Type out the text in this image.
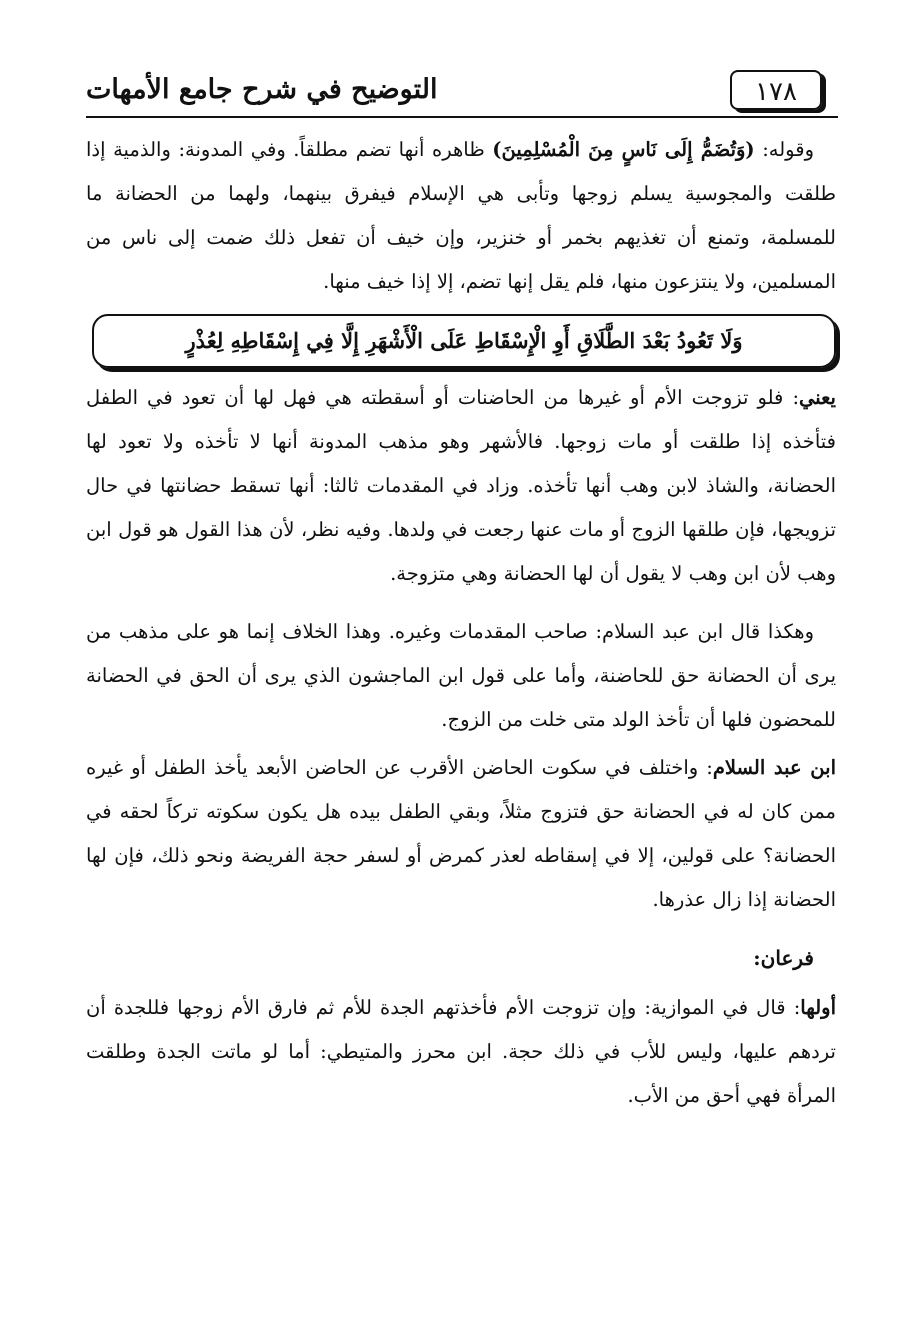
التوضيح في شرح جامع الأمهات	١٧٨

وقوله: (وَتُضَمُّ إِلَى نَاسٍ مِنَ الْمُسْلِمِينَ) ظاهره أنها تضم مطلقاً. وفي المدونة: والذمية إذا طلقت والمجوسية يسلم زوجها وتأبى هي الإسلام فيفرق بينهما، ولهما من الحضانة ما للمسلمة، وتمنع أن تغذيهم بخمر أو خنزير، وإن خيف أن تفعل ذلك ضمت إلى ناس من المسلمين، ولا ينتزعون منها، فلم يقل إنها تضم، إلا إذا خيف منها.

وَلَا تَعُودُ بَعْدَ الطَّلَاقِ أَوِ الْإِسْقَاطِ عَلَى الْأَشْهَرِ إِلَّا فِي إِسْقَاطِهِ لِعُذْرٍ

يعني: فلو تزوجت الأم أو غيرها من الحاضنات أو أسقطته هي فهل لها أن تعود في الطفل فتأخذه إذا طلقت أو مات زوجها. فالأشهر وهو مذهب المدونة أنها لا تأخذه ولا تعود لها الحضانة، والشاذ لابن وهب أنها تأخذه. وزاد في المقدمات ثالثا: أنها تسقط حضانتها في حال تزويجها، فإن طلقها الزوج أو مات عنها رجعت في ولدها. وفيه نظر، لأن هذا القول هو قول ابن وهب لأن ابن وهب لا يقول أن لها الحضانة وهي متزوجة.

وهكذا قال ابن عبد السلام: صاحب المقدمات وغيره. وهذا الخلاف إنما هو على مذهب من يرى أن الحضانة حق للحاضنة، وأما على قول ابن الماجشون الذي يرى أن الحق في الحضانة للمحضون فلها أن تأخذ الولد متى خلت من الزوج.

ابن عبد السلام: واختلف في سكوت الحاضن الأقرب عن الحاضن الأبعد يأخذ الطفل أو غيره ممن كان له في الحضانة حق فتزوج مثلاً، وبقي الطفل بيده هل يكون سكوته تركاً لحقه في الحضانة؟ على قولين، إلا في إسقاطه لعذر كمرض أو لسفر حجة الفريضة ونحو ذلك، فإن لها الحضانة إذا زال عذرها.

فرعان:

أولها: قال في الموازية: وإن تزوجت الأم فأخذتهم الجدة للأم ثم فارق الأم زوجها فللجدة أن تردهم عليها، وليس للأب في ذلك حجة. ابن محرز والمتيطي: أما لو ماتت الجدة وطلقت المرأة فهي أحق من الأب.
